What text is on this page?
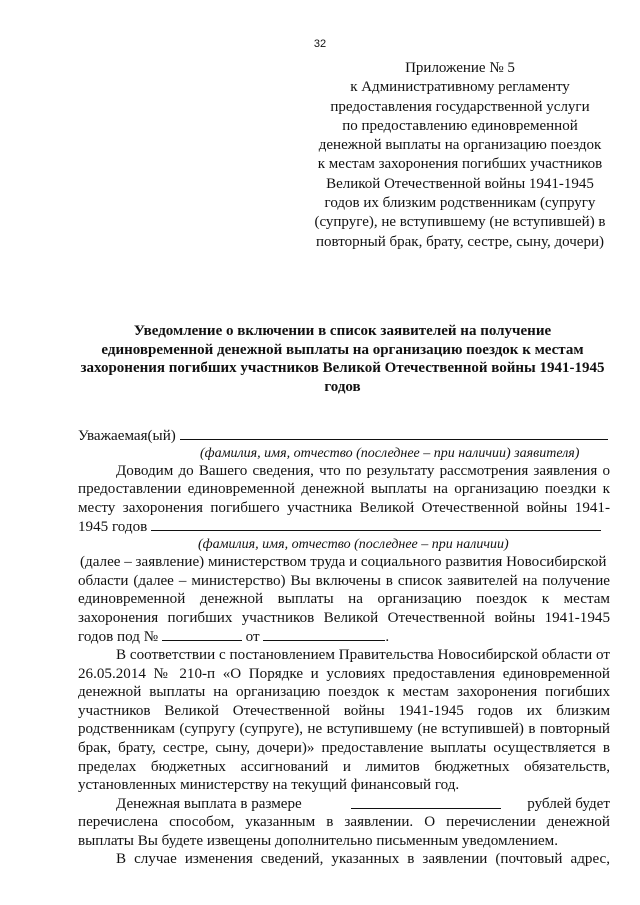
32
Приложение № 5
к Административному регламенту
предоставления государственной услуги
по предоставлению единовременной
денежной выплаты на организацию поездок
к местам захоронения погибших участников
Великой Отечественной войны 1941-1945
годов их близким родственникам (супругу
(супруге), не вступившему (не вступившей) в
повторный брак, брату, сестре, сыну, дочери)
Уведомление о включении в список заявителей на получение
единовременной денежной выплаты на организацию поездок к местам
захоронения погибших участников Великой Отечественной войны 1941-1945
годов
Уважаемая(ый)
(фамилия, имя, отчество (последнее – при наличии) заявителя)
Доводим до Вашего сведения, что по результату рассмотрения заявления о
предоставлении единовременной денежной выплаты на организацию поездки к
месту захоронения погибшего участника Великой Отечественной войны 1941-
1945 годов
(фамилия, имя, отчество (последнее – при наличии)
(далее – заявление) министерством труда и социального развития Новосибирской
области (далее – министерство) Вы включены в список заявителей на получение
единовременной денежной выплаты на организацию поездок к местам
захоронения погибших участников Великой Отечественной войны 1941-1945
годов под №	от	.
В соответствии с постановлением Правительства Новосибирской области от
26.05.2014 № 210-п «О Порядке и условиях предоставления единовременной
денежной выплаты на организацию поездок к местам захоронения погибших
участников Великой Отечественной войны 1941-1945 годов их близким
родственникам (супругу (супруге), не вступившему (не вступившей) в повторный
брак, брату, сестре, сыну, дочери)» предоставление выплаты осуществляется в
пределах бюджетных ассигнований и лимитов бюджетных обязательств,
установленных министерству на текущий финансовый год.
Денежная выплата в размере	рублей будет
перечислена способом, указанным в заявлении. О перечислении денежной
выплаты Вы будете извещены дополнительно письменным уведомлением.
В случае изменения сведений, указанных в заявлении (почтовый адрес,
